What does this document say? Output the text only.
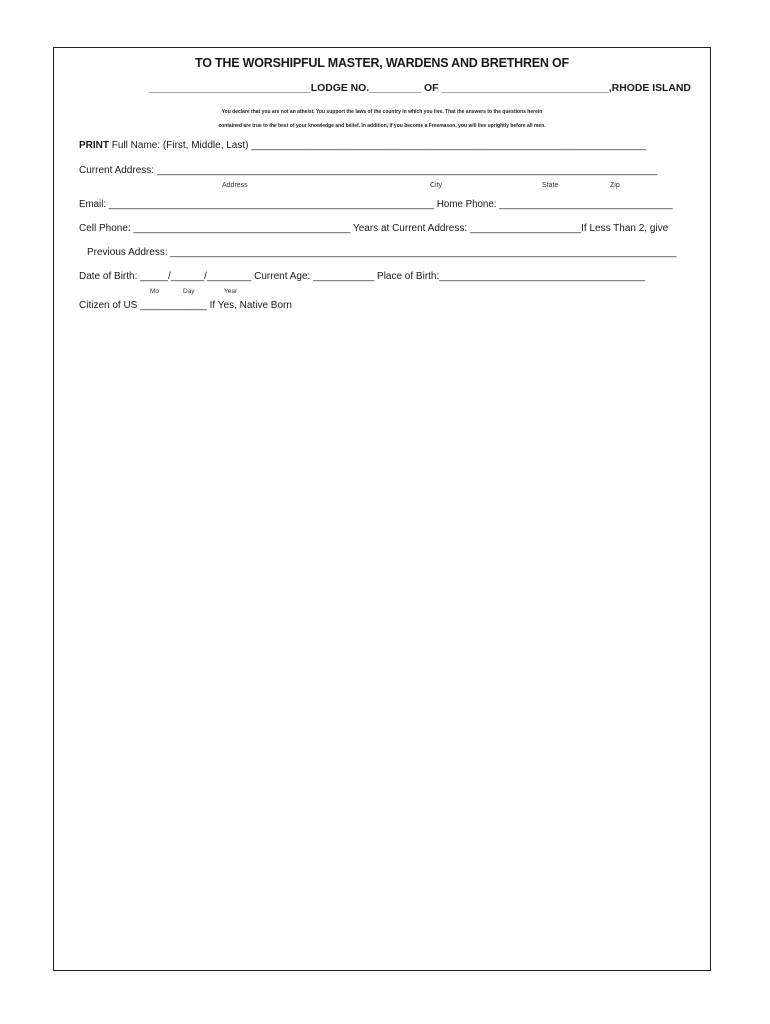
TO THE WORSHIPFUL MASTER, WARDENS AND BRETHREN OF
____________________________LODGE NO._________ OF _____________________________,RHODE ISLAND
You declare that you are not an atheist. You support the laws of the country in which you live. That the answers to the questions herein
contained are true to the best of your knowledge and belief. In addition, if you become a Freemason, you will live uprightly before all men.
PRINT Full Name: (First, Middle, Last) _______________________________________________________________________
Current Address: __________________________________________________________________________________________
Address	City	State	Zip
Email: ____________________________________________________________ Home Phone: ________________________________
Cell Phone: _______________________________________ Years at Current Address: ____________________If Less Than 2, give
Previous Address: ___________________________________________________________________________________________
Date of Birth: _____/______/________ Current Age: ___________ Place of Birth:_____________________________________
Mo	Day	Year
Citizen of US ____________ If Yes, Native Born
